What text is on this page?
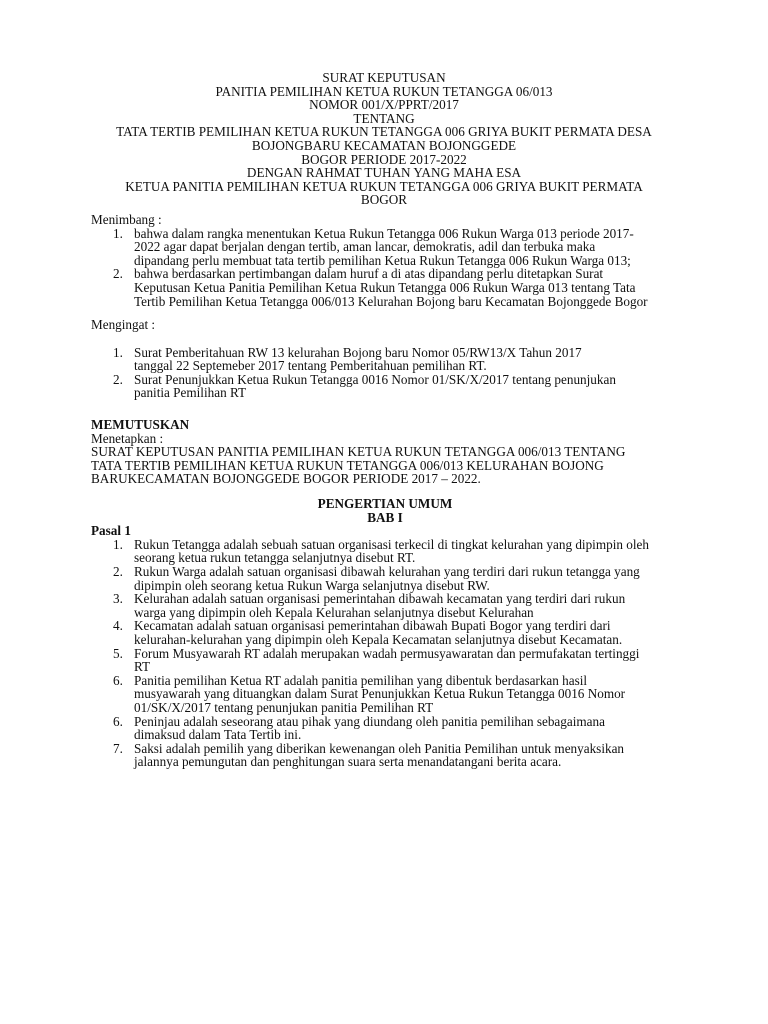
SURAT KEPUTUSAN
PANITIA PEMILIHAN KETUA RUKUN TETANGGA 06/013
NOMOR 001/X/PPRT/2017
TENTANG
TATA TERTIB PEMILIHAN KETUA RUKUN TETANGGA 006 GRIYA BUKIT PERMATA DESA
BOJONGBARU KECAMATAN BOJONGGEDE
BOGOR PERIODE 2017-2022
DENGAN RAHMAT TUHAN YANG MAHA ESA
KETUA PANITIA PEMILIHAN KETUA RUKUN TETANGGA 006 GRIYA BUKIT PERMATA
BOGOR
Menimbang :
1. bahwa dalam rangka menentukan Ketua Rukun Tetangga 006 Rukun Warga 013 periode 2017-
2022 agar dapat berjalan dengan tertib, aman lancar, demokratis, adil dan terbuka maka
dipandang perlu membuat tata tertib pemilihan Ketua Rukun Tetangga 006 Rukun Warga 013;
2. bahwa berdasarkan pertimbangan dalam huruf a di atas dipandang perlu ditetapkan Surat
Keputusan Ketua Panitia Pemilihan Ketua Rukun Tetangga 006 Rukun Warga 013 tentang Tata
Tertib Pemilihan Ketua Tetangga 006/013 Kelurahan Bojong baru Kecamatan Bojonggede Bogor
Mengingat :
1. Surat Pemberitahuan RW 13 kelurahan Bojong baru Nomor 05/RW13/X Tahun 2017
tanggal 22 Septemeber 2017 tentang Pemberitahuan pemilihan RT.
2. Surat Penunjukkan Ketua Rukun Tetangga 0016 Nomor 01/SK/X/2017 tentang penunjukan
panitia Pemilihan RT
MEMUTUSKAN
Menetapkan :
SURAT KEPUTUSAN PANITIA PEMILIHAN KETUA RUKUN TETANGGA 006/013 TENTANG
TATA TERTIB PEMILIHAN KETUA RUKUN TETANGGA 006/013 KELURAHAN BOJONG
BARUKECAMATAN BOJONGGEDE BOGOR PERIODE 2017 – 2022.
PENGERTIAN UMUM
BAB I
Pasal 1
1. Rukun Tetangga adalah sebuah satuan organisasi terkecil di tingkat kelurahan yang dipimpin oleh
seorang ketua rukun tetangga selanjutnya disebut RT.
2. Rukun Warga adalah satuan organisasi dibawah kelurahan yang terdiri dari rukun tetangga yang
dipimpin oleh seorang ketua Rukun Warga selanjutnya disebut RW.
3. Kelurahan adalah satuan organisasi pemerintahan dibawah kecamatan yang terdiri dari rukun
warga yang dipimpin oleh Kepala Kelurahan selanjutnya disebut Kelurahan
4. Kecamatan adalah satuan organisasi pemerintahan dibawah Bupati Bogor yang terdiri dari
kelurahan-kelurahan yang dipimpin oleh Kepala Kecamatan selanjutnya disebut Kecamatan.
5. Forum Musyawarah RT adalah merupakan wadah permusyawaratan dan permufakatan tertinggi
RT
6. Panitia pemilihan Ketua RT adalah panitia pemilihan yang dibentuk berdasarkan hasil
musyawarah yang dituangkan dalam Surat Penunjukkan Ketua Rukun Tetangga 0016 Nomor
01/SK/X/2017 tentang penunjukan panitia Pemilihan RT
6. Peninjau adalah seseorang atau pihak yang diundang oleh panitia pemilihan sebagaimana
dimaksud dalam Tata Tertib ini.
7. Saksi adalah pemilih yang diberikan kewenangan oleh Panitia Pemilihan untuk menyaksikan
jalannya pemungutan dan penghitungan suara serta menandatangani berita acara.
